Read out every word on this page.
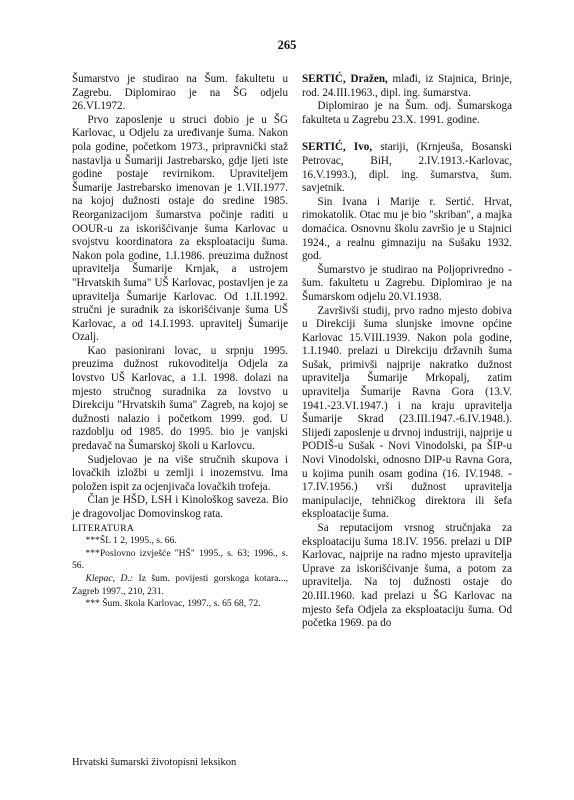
265

Šumarstvo je studirao na Šum. fakultetu u Zagrebu. Diplomirao je na ŠG odjelu 26.VI.1972.

Prvo zaposlenje u struci dobio je u ŠG Karlovac, u Odjelu za uređivanje šuma. Nakon pola godine, početkom 1973., pripravnički staž nastavlja u Šumariji Jastrebarsko, gdje ljeti iste godine postaje revirnikom. Upraviteljem Šumarije Jastrebarsko imenovan je 1.VII.1977. na kojoj dužnosti ostaje do sredine 1985. Reorganizacijom šumarstva počinje raditi u OOUR-u za iskorišćivanje šuma Karlovac u svojstvu koordinatora za eksploataciju šuma. Nakon pola godine, 1.I.1986. preuzima dužnost upravitelja Šumarije Krnjak, a ustrojem "Hrvatskih šuma" UŠ Karlovac, postavljen je za upravitelja Šumarije Karlovac. Od 1.II.1992. stručni je suradnik za iskorišćivanje šuma UŠ Karlovac, a od 14.I.1993. upravitelj Šumarije Ozalj.

Kao pasionirani lovac, u srpnju 1995. preuzima dužnost rukovoditelja Odjela za lovstvo UŠ Karlovac, a 1.I. 1998. dolazi na mjesto stručnog suradnika za lovstvo u Direkciju "Hrvatskih šuma" Zagreb, na kojoj se dužnosti nalazio i početkom 1999. god. U razdoblju od 1985. do 1995. bio je vanjski predavač na Šumarskoj školi u Karlovcu.

Sudjelovao je na više stručnih skupova i lovačkih izložbi u zemlji i inozemstvu. Ima položen ispit za ocjenjivača lovačkih trofeja.

Član je HŠD, LSH i Kinološkog saveza. Bio je dragovoljac Domovinskog rata.

LITERATURA

***ŠL 1 2, 1995., s. 66.

***Poslovno izvješće "HŠ" 1995., s. 63; 1996., s. 56.

Klepac, D.: Iz šum. povijesti gorskoga kotara..., Zagreb 1997., 210, 231.

*** Šum. škola Karlovac, 1997., s. 65 68, 72.

SERTIĆ, Dražen, mlađi, iz Stajnica, Brinje, rod. 24.III.1963., dipl. ing. šumarstva.

Diplomirao je na Šum. odj. Šumarskoga fakulteta u Zagrebu 23.X. 1991. godine.

SERTIĆ, Ivo, stariji, (Krnjeuša, Bosanski Petrovac, BiH, 2.IV.1913.-Karlovac, 16.V.1993.), dipl. ing. šumarstva, šum. savjetnik.

Sin Ivana i Marije r. Sertić. Hrvat, rimokatolik. Otac mu je bio "skriban", a majka domaćica. Osnovnu školu završio je u Stajnici 1924., a realnu gimnaziju na Sušaku 1932. god.

Šumarstvo je studirao na Poljoprivredno - šum. fakultetu u Zagrebu. Diplomirao je na Šumarskom odjelu 20.VI.1938.

Završivši studij, prvo radno mjesto dobiva u Direkciji šuma slunjske imovne općine Karlovac 15.VIII.1939. Nakon pola godine, 1.I.1940. prelazi u Direkciju državnih šuma Sušak, primivši najprije nakratko dužnost upravitelja Šumarije Mrkopalj, zatim upravitelja Šumarije Ravna Gora (13.V. 1941.-23.VI.1947.) i na kraju upravitelja Šumarije Skrad (23.III.1947.-6.IV.1948.). Slijedi zaposlenje u drvnoj industriji, najprije u PODIŠ-u Sušak - Novi Vinodolski, pa ŠIP-u Novi Vinodolski, odnosno DIP-u Ravna Gora, u kojima punih osam godina (16. IV.1948. - 17.IV.1956.) vrši dužnost upravitelja manipulacije, tehničkog direktora ili šefa eksploatacije šuma.

Sa reputacijom vrsnog stručnjaka za eksploataciju šuma 18.IV. 1956. prelazi u DIP Karlovac, najprije na radno mjesto upravitelja Uprave za iskorišćivanje šuma, a potom za upravitelja. Na toj dužnosti ostaje do 20.III.1960. kad prelazi u ŠG Karlovac na mjesto šefa Odjela za eksploataciju šuma. Od početka 1969. pa do

Hrvatski šumarski životopisni leksikon
